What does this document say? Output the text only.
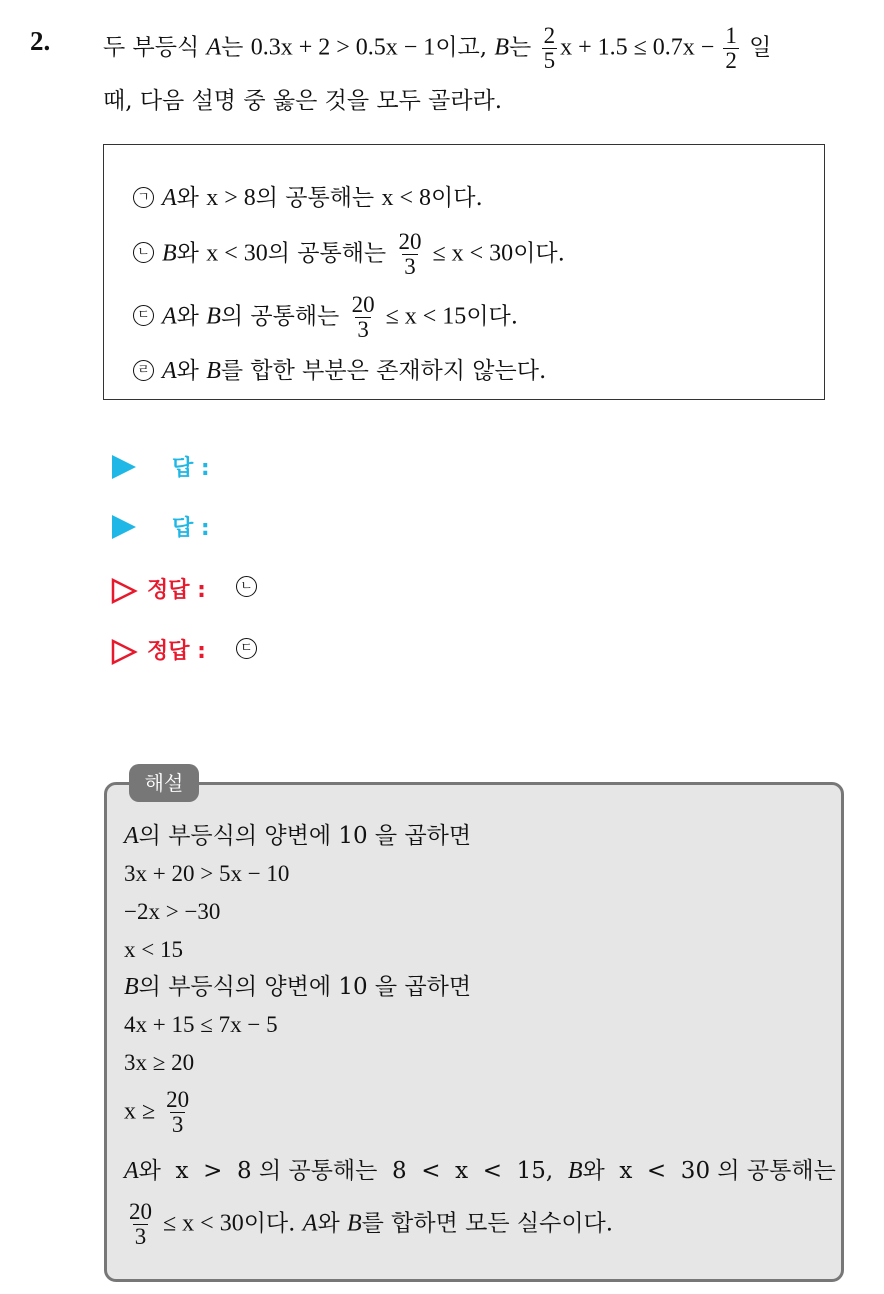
2. 두 부등식 A는 0.3x + 2 > 0.5x − 1이고, B는 $\frac{2}{5}$ $x + 1.5 \le 0.7x - \frac{1}{2}$ 일
때, 다음 설명 중 옳은 것을 모두 골라라.
ㄱ A와 x > 8의 공통해는 x < 8이다.
ㄴ B와 x < 30의 공통해는 $\frac{20}{3} \le x < 30$이다.
ㄷ A와 B의 공통해는 $\frac{20}{3} \le x < 15$이다.
ㄹ A와 B를 합한 부분은 존재하지 않는다.
답 :
답 :
정답 :	ㄴ
정답 :	ㄷ
해설
A의 부등식의 양변에 10 을 곱하면
3x + 20 > 5x − 10
−2x > −30
x < 15
B의 부등식의 양변에 10 을 곱하면
4x + 15 ≤ 7x − 5
3x ≥ 20
$x \ge \frac{20}{3}$
A와  x  >  8 의 공통해는  8  <  x  <  15,  B와  x  <  30 의 공통해는
$\frac{20}{3} \le x < 30$이다. A와 B를 합하면 모든 실수이다.
